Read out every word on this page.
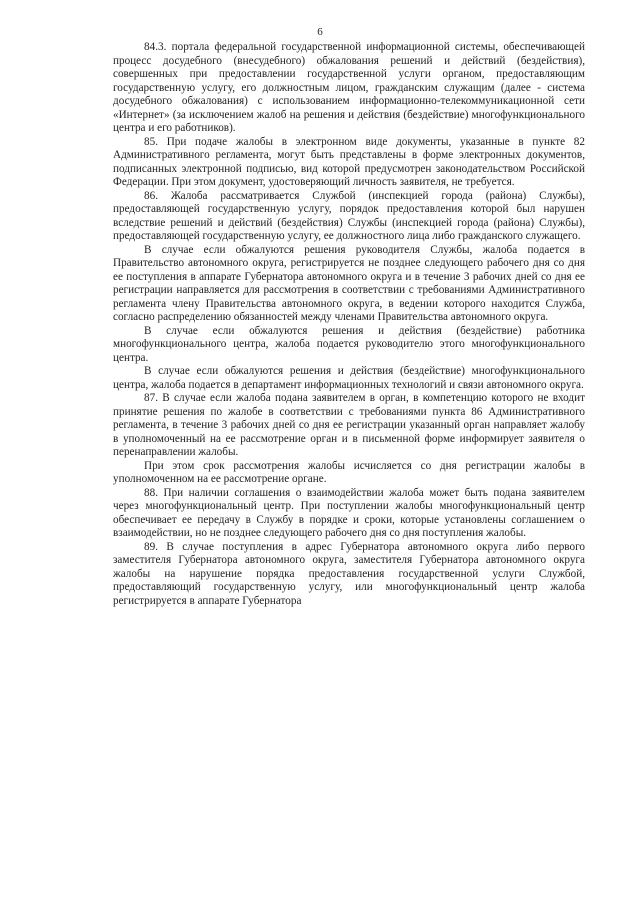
6

84.3. портала федеральной государственной информационной системы, обеспечивающей процесс досудебного (внесудебного) обжалования решений и действий (бездействия), совершенных при предоставлении государственной услуги органом, предоставляющим государственную услугу, его должностным лицом, гражданским служащим (далее - система досудебного обжалования) с использованием информационно-телекоммуникационной сети «Интернет» (за исключением жалоб на решения и действия (бездействие) многофункционального центра и его работников).

85. При подаче жалобы в электронном виде документы, указанные в пункте 82 Административного регламента, могут быть представлены в форме электронных документов, подписанных электронной подписью, вид которой предусмотрен законодательством Российской Федерации. При этом документ, удостоверяющий личность заявителя, не требуется.

86. Жалоба рассматривается Службой (инспекцией города (района) Службы), предоставляющей государственную услугу, порядок предоставления которой был нарушен вследствие решений и действий (бездействия) Службы (инспекцией города (района) Службы), предоставляющей государственную услугу, ее должностного лица либо гражданского служащего.

В случае если обжалуются решения руководителя Службы, жалоба подается в Правительство автономного округа, регистрируется не позднее следующего рабочего дня со дня ее поступления в аппарате Губернатора автономного округа и в течение 3 рабочих дней со дня ее регистрации направляется для рассмотрения в соответствии с требованиями Административного регламента члену Правительства автономного округа, в ведении которого находится Служба, согласно распределению обязанностей между членами Правительства автономного округа.

В случае если обжалуются решения и действия (бездействие) работника многофункционального центра, жалоба подается руководителю этого многофункционального центра.

В случае если обжалуются решения и действия (бездействие) многофункционального центра, жалоба подается в департамент информационных технологий и связи автономного округа.

87. В случае если жалоба подана заявителем в орган, в компетенцию которого не входит принятие решения по жалобе в соответствии с требованиями пункта 86 Административного регламента, в течение 3 рабочих дней со дня ее регистрации указанный орган направляет жалобу в уполномоченный на ее рассмотрение орган и в письменной форме информирует заявителя о перенаправлении жалобы.

При этом срок рассмотрения жалобы исчисляется со дня регистрации жалобы в уполномоченном на ее рассмотрение органе.

88. При наличии соглашения о взаимодействии жалоба может быть подана заявителем через многофункциональный центр. При поступлении жалобы многофункциональный центр обеспечивает ее передачу в Службу в порядке и сроки, которые установлены соглашением о взаимодействии, но не позднее следующего рабочего дня со дня поступления жалобы.

89. В случае поступления в адрес Губернатора автономного округа либо первого заместителя Губернатора автономного округа, заместителя Губернатора автономного округа жалобы на нарушение порядка предоставления государственной услуги Службой, предоставляющий государственную услугу, или многофункциональный центр жалоба регистрируется в аппарате Губернатора
